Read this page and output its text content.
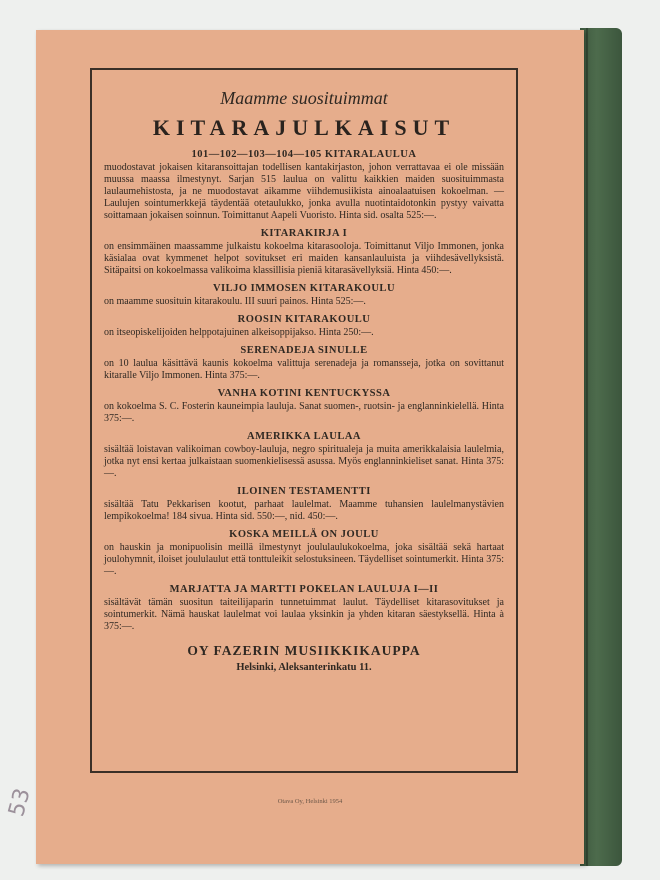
Maamme suosituimmat
KITARAJULKAISUT
101—102—103—104—105 KITARALAULUA

muodostavat jokaisen kitaransoittajan todellisen kantakirjaston, johon verrattavaa ei ole missään muussa maassa ilmestynyt. Sarjan 515 laulua on valittu kaikkien maiden suosituimmasta laulaumehistosta, ja ne muodostavat aikamme viihdemusiikista ainoalaatuisen kokoelman. — Laulujen sointumerkkejä täydentää otetaulukko, jonka avulla nuotintaidotonkin pystyy vaivatta soittamaan jokaisen soinnun. Toimittanut Aapeli Vuoristo. Hinta sid. osalta 525:—.

KITARAKIRJA I

on ensimmäinen maassamme julkaistu kokoelma kitarasooloja. Toimittanut Viljo Immonen, jonka käsialaa ovat kymmenet helpot sovitukset eri maiden kansanlauluista ja viihdesävellyksistä. Sitäpaitsi on kokoelmassa valikoima klassillisia pieniä kitarasävellyksiä. Hinta 450:—.

VILJO IMMOSEN KITARAKOULU

on maamme suosituin kitarakoulu. III suuri painos. Hinta 525:—.

ROOSIN KITARAKOULU

on itseopiskelijoiden helppotajuinen alkeisoppijakso. Hinta 250:—.

SERENADEJA SINULLE

on 10 laulua käsittävä kaunis kokoelma valittuja serenadeja ja romansseja, jotka on sovittanut kitaralle Viljo Immonen. Hinta 375:—.

VANHA KOTINI KENTUCKYSSA

on kokoelma S. C. Fosterin kauneimpia lauluja. Sanat suomen-, ruotsin- ja englanninkielellä. Hinta 375:—.

AMERIKKA LAULAA

sisältää loistavan valikoiman cowboy-lauluja, negro spiritualeja ja muita amerikkalaisia laulelmia, jotka nyt ensi kertaa julkaistaan suomenkielisessä asussa. Myös englanninkieliset sanat. Hinta 375:—.

ILOINEN TESTAMENTTI

sisältää Tatu Pekkarisen kootut, parhaat laulelmat. Maamme tuhansien laulelmanystävien lempikokoelma! 184 sivua. Hinta sid. 550:—, nid. 450:—.

KOSKA MEILLÄ ON JOULU

on hauskin ja monipuolisin meillä ilmestynyt joululaulukokoelma, joka sisältää sekä hartaat joulohymnit, iloiset joululaulut että tonttuleikit selostuksineen. Täydelliset sointumerkit. Hinta 375:—.

MARJATTA JA MARTTI POKELAN LAULUJA I—II

sisältävät tämän suositun taiteilijaparin tunnetuimmat laulut. Täydelliset kitarasovitukset ja sointumerkit. Nämä hauskat laulelmat voi laulaa yksinkin ja yhden kitaran säestyksellä. Hinta à 375:—.

OY FAZERIN MUSIIKKIKAUPPA
Helsinki, Aleksanterinkatu 11.
Otava Oy, Helsinki 1954
53
